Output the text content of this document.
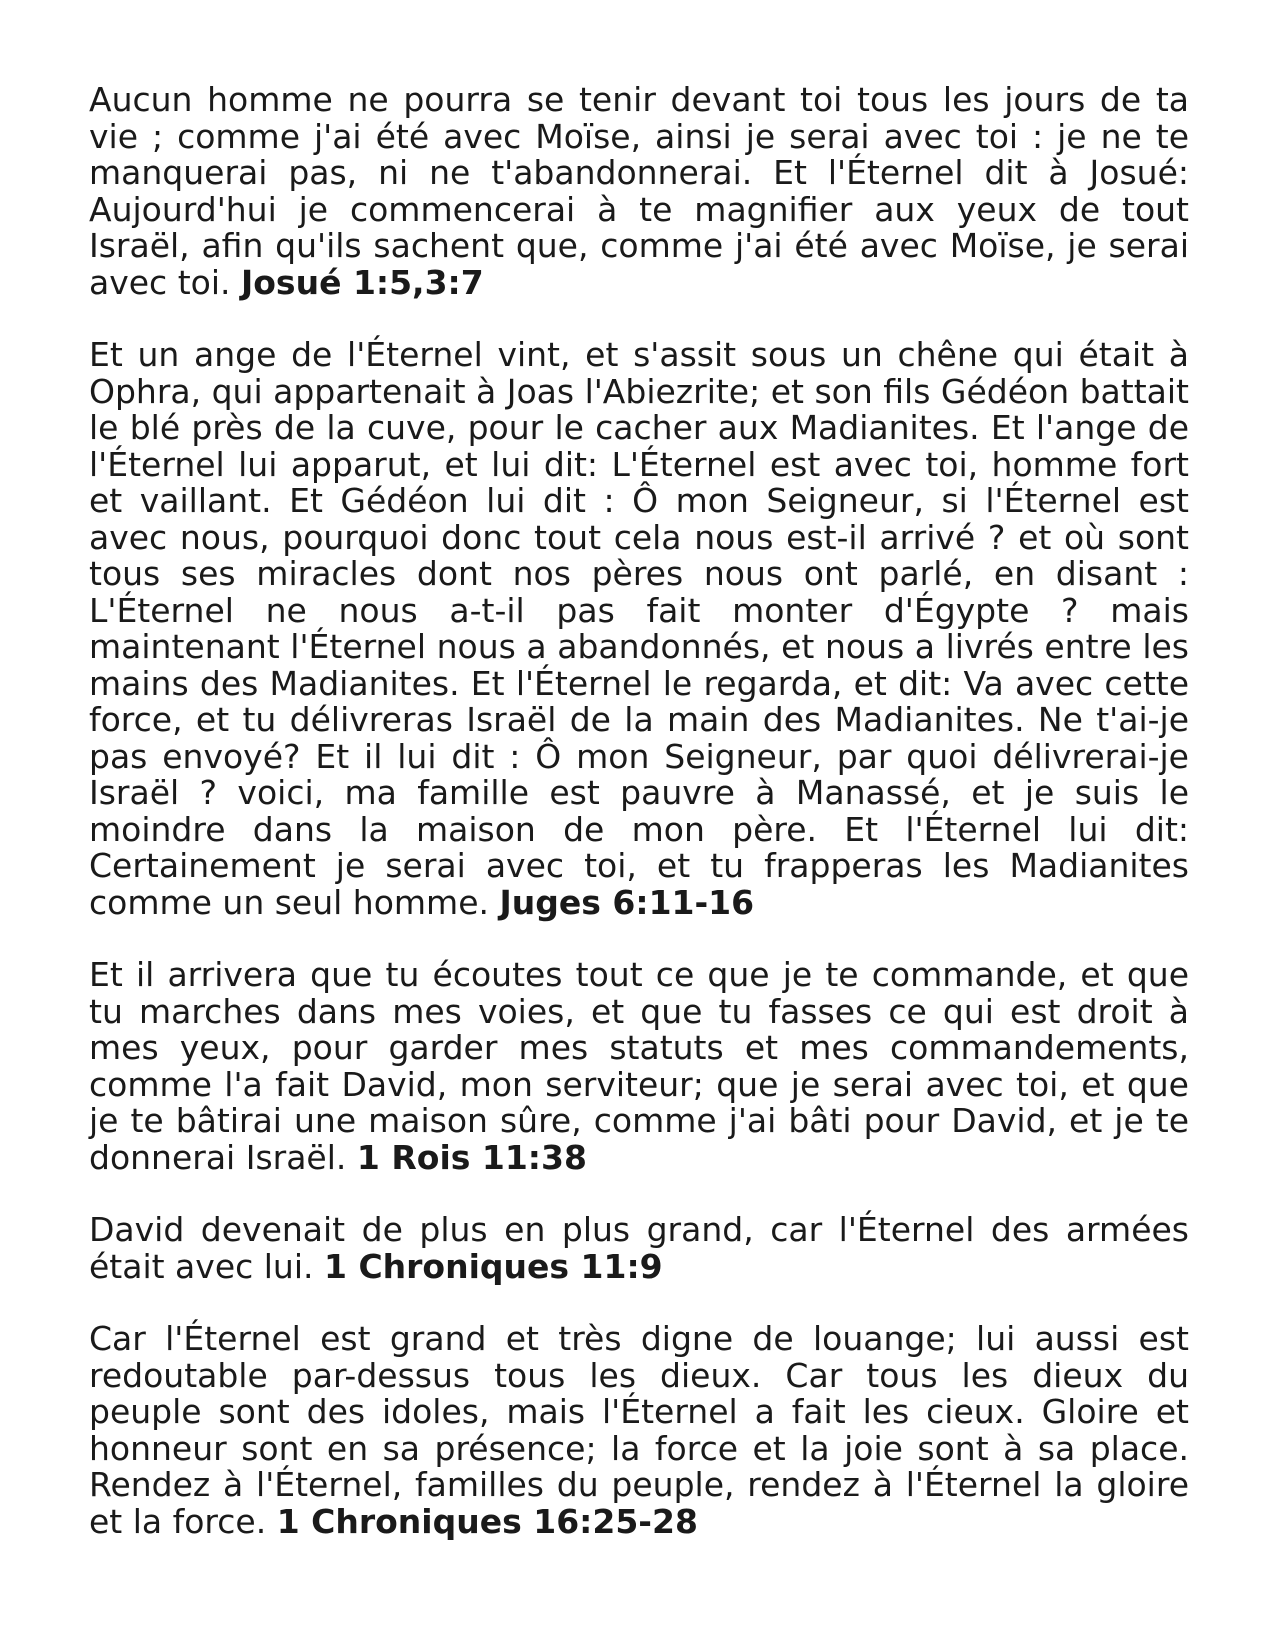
Aucun homme ne pourra se tenir devant toi tous les jours de ta vie ; comme j'ai été avec Moïse, ainsi je serai avec toi : je ne te manquerai pas, ni ne t'abandonnerai. Et l'Éternel dit à Josué: Aujourd'hui je commencerai à te magnifier aux yeux de tout Israël, afin qu'ils sachent que, comme j'ai été avec Moïse, je serai avec toi. Josué 1:5,3:7

Et un ange de l'Éternel vint, et s'assit sous un chêne qui était à Ophra, qui appartenait à Joas l'Abiezrite; et son fils Gédéon battait le blé près de la cuve, pour le cacher aux Madianites. Et l'ange de l'Éternel lui apparut, et lui dit: L'Éternel est avec toi, homme fort et vaillant. Et Gédéon lui dit : Ô mon Seigneur, si l'Éternel est avec nous, pourquoi donc tout cela nous est-il arrivé ? et où sont tous ses miracles dont nos pères nous ont parlé, en disant : L'Éternel ne nous a-t-il pas fait monter d'Égypte ? mais maintenant l'Éternel nous a abandonnés, et nous a livrés entre les mains des Madianites. Et l'Éternel le regarda, et dit: Va avec cette force, et tu délivreras Israël de la main des Madianites. Ne t'ai-je pas envoyé? Et il lui dit : Ô mon Seigneur, par quoi délivrerai-je Israël ? voici, ma famille est pauvre à Manassé, et je suis le moindre dans la maison de mon père. Et l'Éternel lui dit: Certainement je serai avec toi, et tu frapperas les Madianites comme un seul homme. Juges 6:11-16

Et il arrivera que tu écoutes tout ce que je te commande, et que tu marches dans mes voies, et que tu fasses ce qui est droit à mes yeux, pour garder mes statuts et mes commandements, comme l'a fait David, mon serviteur; que je serai avec toi, et que je te bâtirai une maison sûre, comme j'ai bâti pour David, et je te donnerai Israël. 1 Rois 11:38

David devenait de plus en plus grand, car l'Éternel des armées était avec lui. 1 Chroniques 11:9

Car l'Éternel est grand et très digne de louange; lui aussi est redoutable par-dessus tous les dieux. Car tous les dieux du peuple sont des idoles, mais l'Éternel a fait les cieux. Gloire et honneur sont en sa présence; la force et la joie sont à sa place. Rendez à l'Éternel, familles du peuple, rendez à l'Éternel la gloire et la force. 1 Chroniques 16:25-28
